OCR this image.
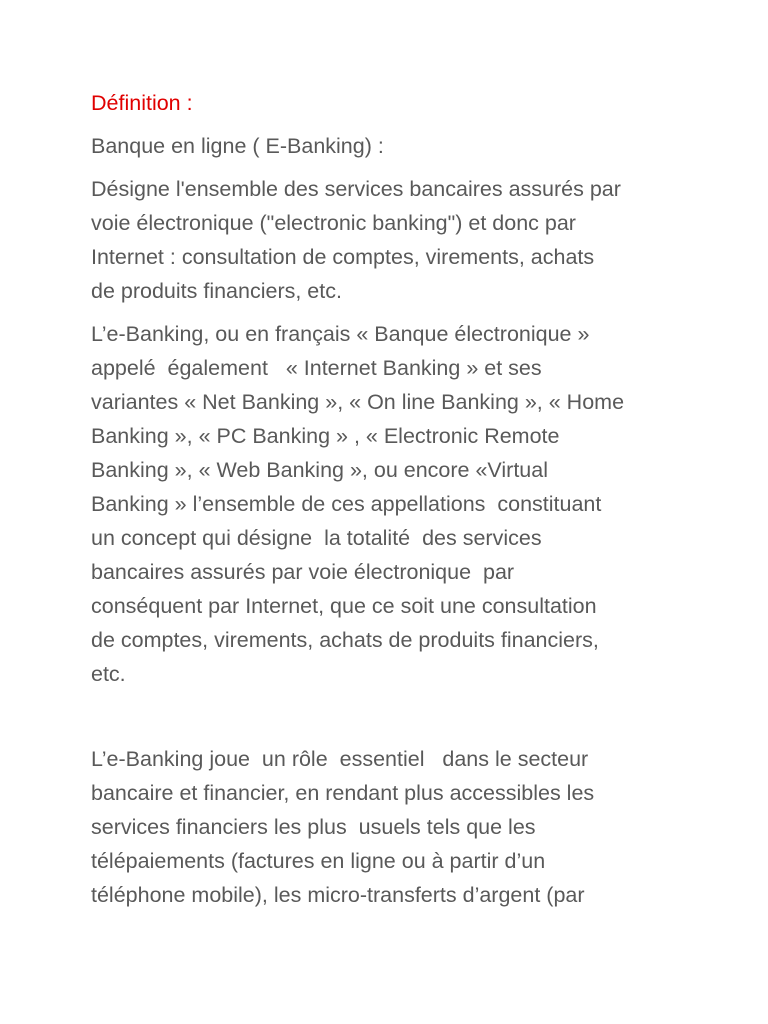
Définition :
Banque en ligne ( E-Banking) :
Désigne l'ensemble des services bancaires assurés par
voie électronique ("electronic banking") et donc par
Internet : consultation de comptes, virements, achats
de produits financiers, etc.
L’e-Banking, ou en français « Banque électronique »
appelé  également   « Internet Banking » et ses
variantes « Net Banking », « On line Banking », « Home
Banking », « PC Banking » , « Electronic Remote
Banking », « Web Banking », ou encore «Virtual
Banking » l’ensemble de ces appellations  constituant
un concept qui désigne  la totalité  des services
bancaires assurés par voie électronique  par
conséquent par Internet, que ce soit une consultation
de comptes, virements, achats de produits financiers,
etc.
L’e-Banking joue  un rôle  essentiel   dans le secteur
bancaire et financier, en rendant plus accessibles les
services financiers les plus  usuels tels que les
télépaiements (factures en ligne ou à partir d’un
téléphone mobile), les micro-transferts d’argent (par
